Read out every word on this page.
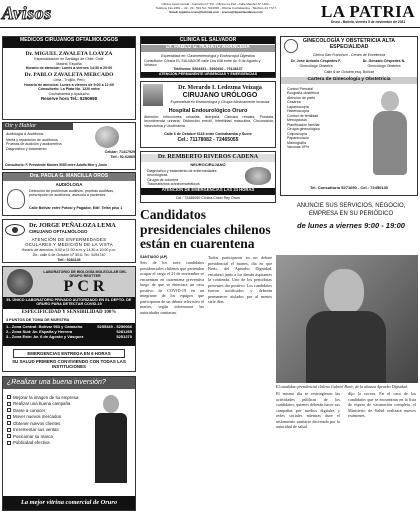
Avisos	Oficina Casa Central - Camacho N° 3/2 - Oficina La Paz - Calle Méndez N° 1400 -
Teléfono Fax 2281 -- 22 - 23 - 591 Tel: 7613593 - Oficina Cochabamba - Teléfono 44 772 7
Email: lapatria.oruro@hotmail.com - prensa@lapatriaenlinea.com	LA PATRIA
Oruro - Bolivia, viernes 5 de noviembre de 2021
MÉDICOS CIRUJANOS OFTALMÓLOGOS
Dr. MIGUEL ZAVALETA LOAYZA
Especialización en Santiago de Chile, Chile
Madrid, España
Horario de atención: Lunes a viernes 14:30 a 20:00
Dr. PABLO ZAVALETA MERCADO
Lima - Trujillo, Perú
Horario de atención: Lunes a viernes de 9:00 a 12:00
Consultorio: La Plata No. 1220 entre
Cochabamba y Ayacucho
Reserve hora Tel.: 5250698
Oír y Hablar
Audiología & Audífonos
Venta y reparación de audífonos
Pruebas de audición y audiometría
Diagnóstico y tratamiento
Celular: 71417929
Telf.: 52-62860
Consultorio: F. Presidente Montes 5085 entre Adolfo Mier y Junín
Dra. PAOLA G. MANCILLA OROS
AUDIÓLOGA
Detección de problemas auditivos, pruebas auditivas, prescripción de audífonos, asesoría a pacientes
Calle Bolívar entre Potosí y Pagador, Edif. Tefan piso 1
Dr. JORGE PEÑALOZA LEMA
CIRUJANO OFTALMÓLOGO
ATENCIÓN DE ENFERMEDADES
OCULARES Y MEDICIÓN DE LA VISTA
Horario de atención: 9:00 a 11:30 a.m. y 14:30 a 19:00 p.m.
Dir.: calle 6 de Octubre N° 5011 Tel.: 5254740
Telf.: 5284136
LABORATORIO DE BIOLOGÍA MOLECULAR DEL GRUPO REUTTER
PCR
EL ÚNICO LABORATORIO PRIVADO AUTORIZADO EN EL DEPTO. DE ORURO PARA DETECTAR COVID-19
ESPECIFICIDAD Y SENSIBILIDAD 100%
3 PUNTOS DE TOMA DE MUESTRA
1.- Zona Central: Bolívar 963 y Camacho	5255349 - 5250066
2.- Zona Sud: Av. España y Herrera	5281255
3.- Zona Este: Av. 6 de Agosto y Vásquez	5251270
EMERGENCIAS ENTREGA EN 6 HORAS
SU SALUD PRIMERO CONVIVIENDO CON TODAS LAS INSTITUCIONES
¿Realizar una buena inversión?
Mejorar la imagen de su empresa
Realizar una buena campaña
Darse a conocer
Mover nuevos mercados
Obtener nuevos clientes
Incrementar sus ventas
Posicionar su marca
Publicidad efectiva
La mejor vitrina comercial de Oruro
CLÍNICA EL SALVADOR
Dr. PABLO G. HORATO ARANCIBIA
Especialista en: Gastroenterología y Endoscopía Digestiva
Consultorio: Clínica EL SALVADOR calle Lira 648 entre Av. 6 de Agosto y Velasco
Teléfonos: 5264331 - 5260410 - 76138137
ATENCIÓN PERMANENTE URGENCIAS Y EMERGENCIAS
Dr. Merardo I. Ledezma Veizaga
CIRUJANO URÓLOGO
Especialista en Endourología y Cirugía Mínimamente Invasiva
Hospital Endourológico Oruro
Atención: Infecciones urinarias, litotripsia, Cálculos renales, Próstata, Incontinencia urinaria, Disfunción eréctil, Infertilidad masculina, Circuncisión, Vasectomía y Urodinamia.
Calle 6 de Octubre 6118 entre Cochabamba y Sucre
Cel.: 71178082 - 72465055
Dr. REMBERTO RIVEROS CADENA
NEUROCIRUJANO
Diagnóstico y tratamiento de enfermedades neurológicas
Cirugía de columna
Traumatismos craneoencefálicos
ATENCIÓN DE EMERGENCIAS LAS 24 HORAS
Cel.: 72486050 Clínica Cristo Rey Oruro
GINECOLOGÍA Y OBSTETRICIA ALTA ESPECIALIDAD
Clínica San Francisco - Centro de Excelencia
Dr. Jose Antonio Céspedes F.
Ginecólogo Obstetra
Dr. Gonzalo Céspedes N.
Ginecólogo Obstetra
Calle 6 de Octubre esq. Bolívar
Cartera de Ginecología y Obstetricia
Control Prenatal
Ecografía obstétrica
Atención de parto
Cesárea
Laparoscopía
Histeroscopía
Control de fertilidad
Menopausia
Planificación familiar
Cirugía ginecológica
Colposcopía
Papanicolaou
Mamografía
Vacunas VPH
Tel. Consultorio 5271050 - Cel.: 72450130
ANUNCIE SUS SERVICIOS, NEGOCIO,
EMPRESA EN SU PERIÓDICO
de lunes a viernes 9:00 - 19:00
Candidatos presidenciales chilenos están en cuarentena
SANTIAGO (AP)

Seis de los siete candidatos presidenciales chilenos que pretenden ocupar el cargo el 21 de noviembre se encuentran en cuarentena preventiva luego de que se detectara un caso positivo de COVID-19 en un integrante de los equipos que participaron de un debate televisivo el martes, según informaron las autoridades sanitarias.

Todos participaron en un debate presidencial el martes, día en que Boric, del Apruebo Dignidad, encabezó junto a los demás aspirantes la contienda. Uno de los periodistas presentes dio positivo. Los candidatos fueron notificados y deberán permanecer aislados por al menos siete días.

El mismo día se restringieron las actividades públicas de los candidatos, quienes deberán hacer sus campañas por medios digitales y redes sociales mientras dure el aislamiento sanitario decretado por la autoridad de salud.

dijo la vocera. En el caso de los candidatos que se encuentran en la lista de espera de vacunación completa, el Ministerio de Salud realizará nuevos exámenes.

El candidato presidencial chileno Gabriel Boric, de la alianza Apruebo Dignidad.
